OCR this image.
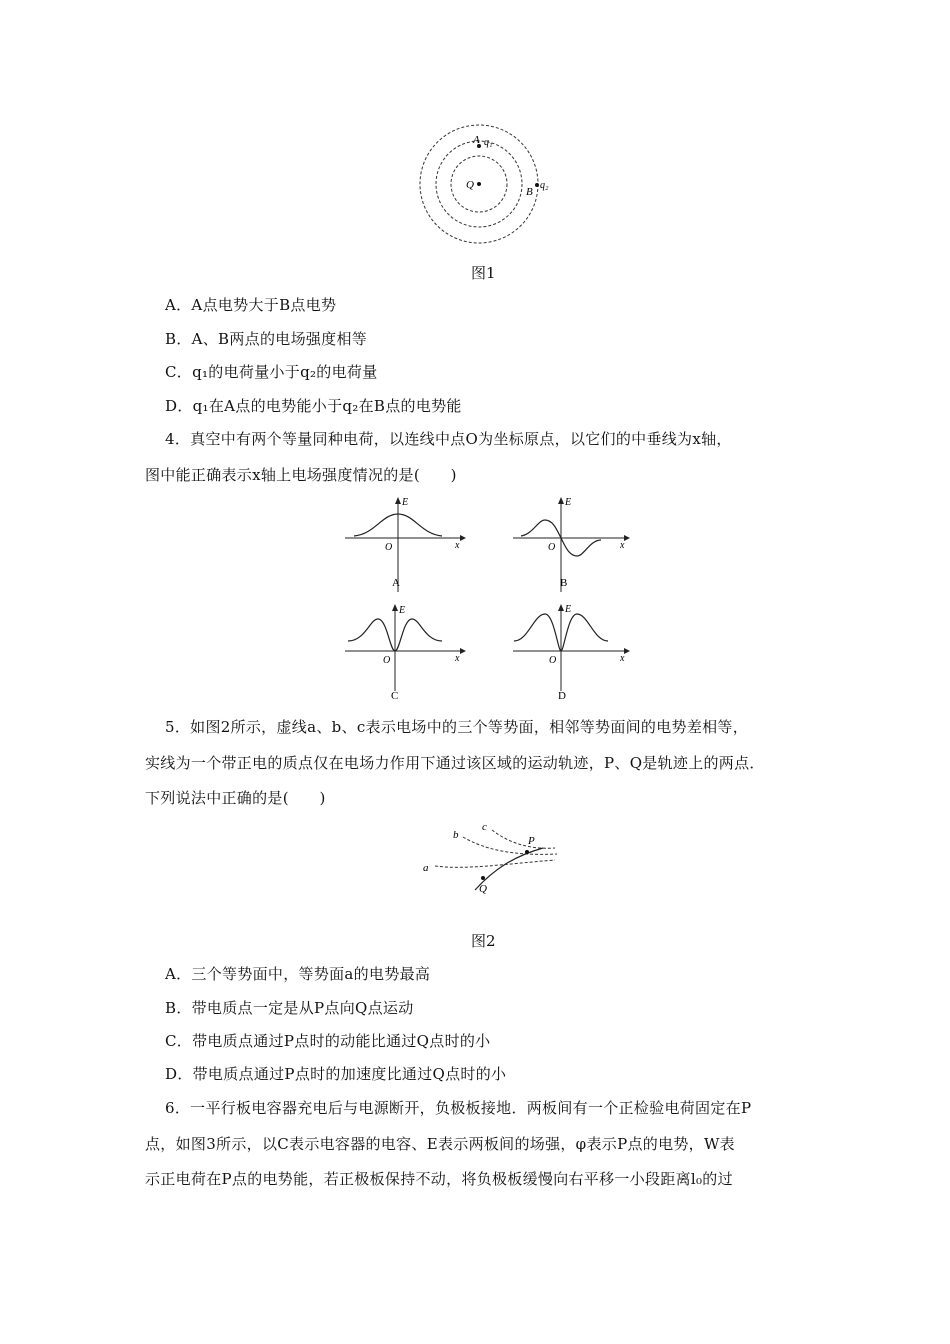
A q₁
Q
B
q₂
图1
A．A点电势大于B点电势
B．A、B两点的电场强度相等
C．q₁的电荷量小于q₂的电荷量
D．q₁在A点的电势能小于q₂在B点的电势能
4．真空中有两个等量同种电荷，以连线中点O为坐标原点，以它们的中垂线为x轴，
图中能正确表示x轴上电场强度情况的是(　　)
E
O	x
A
E
O	x
B
E
O	x
C
E
O	x
D
5．如图2所示，虚线a、b、c表示电场中的三个等势面，相邻等势面间的电势差相等，
实线为一个带正电的质点仅在电场力作用下通过该区域的运动轨迹，P、Q是轨迹上的两点．
下列说法中正确的是(　　)
a
b
c
P
Q
图2
A．三个等势面中，等势面a的电势最高
B．带电质点一定是从P点向Q点运动
C．带电质点通过P点时的动能比通过Q点时的小
D．带电质点通过P点时的加速度比通过Q点时的小
6．一平行板电容器充电后与电源断开，负极板接地．两板间有一个正检验电荷固定在P
点，如图3所示，以C表示电容器的电容、E表示两板间的场强，φ表示P点的电势，W表
示正电荷在P点的电势能，若正极板保持不动，将负极板缓慢向右平移一小段距离l₀的过
